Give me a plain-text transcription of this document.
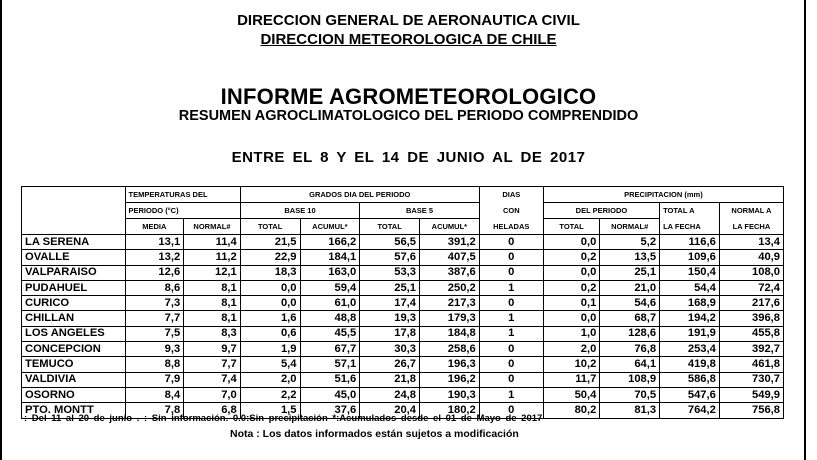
DIRECCION GENERAL DE AERONAUTICA CIVIL
DIRECCION METEOROLOGICA DE CHILE
INFORME AGROMETEOROLOGICO
RESUMEN AGROCLIMATOLOGICO DEL PERIODO COMPRENDIDO
ENTRE EL 8 Y EL 14 DE JUNIO AL DE 2017
	TEMPERATURAS DEL		GRADOS DIA DEL PERIODO				DIAS	PRECIPITACION (mm)			
	PERIODO (°C)		BASE 10		BASE 5		CON	DEL PERIODO		TOTAL A	NORMAL A
	MEDIA	NORMAL#	TOTAL	ACUMUL*	TOTAL	ACUMUL*	HELADAS	TOTAL	NORMAL#	LA FECHA	LA FECHA
LA SERENA	13,1	11,4	21,5	166,2	56,5	391,2	0	0,0	5,2	116,6	13,4
OVALLE	13,2	11,2	22,9	184,1	57,6	407,5	0	0,2	13,5	109,6	40,9
VALPARAISO	12,6	12,1	18,3	163,0	53,3	387,6	0	0,0	25,1	150,4	108,0
PUDAHUEL	8,6	8,1	0,0	59,4	25,1	250,2	1	0,2	21,0	54,4	72,4
CURICO	7,3	8,1	0,0	61,0	17,4	217,3	0	0,1	54,6	168,9	217,6
CHILLAN	7,7	8,1	1,6	48,8	19,3	179,3	1	0,0	68,7	194,2	396,8
LOS ANGELES	7,5	8,3	0,6	45,5	17,8	184,8	1	1,0	128,6	191,9	455,8
CONCEPCION	9,3	9,7	1,9	67,7	30,3	258,6	0	2,0	76,8	253,4	392,7
TEMUCO	8,8	7,7	5,4	57,1	26,7	196,3	0	10,2	64,1	419,8	461,8
VALDIVIA	7,9	7,4	2,0	51,6	21,8	196,2	0	11,7	108,9	586,8	730,7
OSORNO	8,4	7,0	2,2	45,0	24,8	190,3	1	50,4	70,5	547,6	549,9
PTO. MONTT	7,8	6,8	1,5	37,6	20,4	180,2	0	80,2	81,3	764,2	756,8
: Del 11 al 20 de junio . : Sin información. 0.0:Sin precipitación *:Acumulados desde el 01 de Mayo de 2017
Nota : Los datos informados están sujetos a modificación
